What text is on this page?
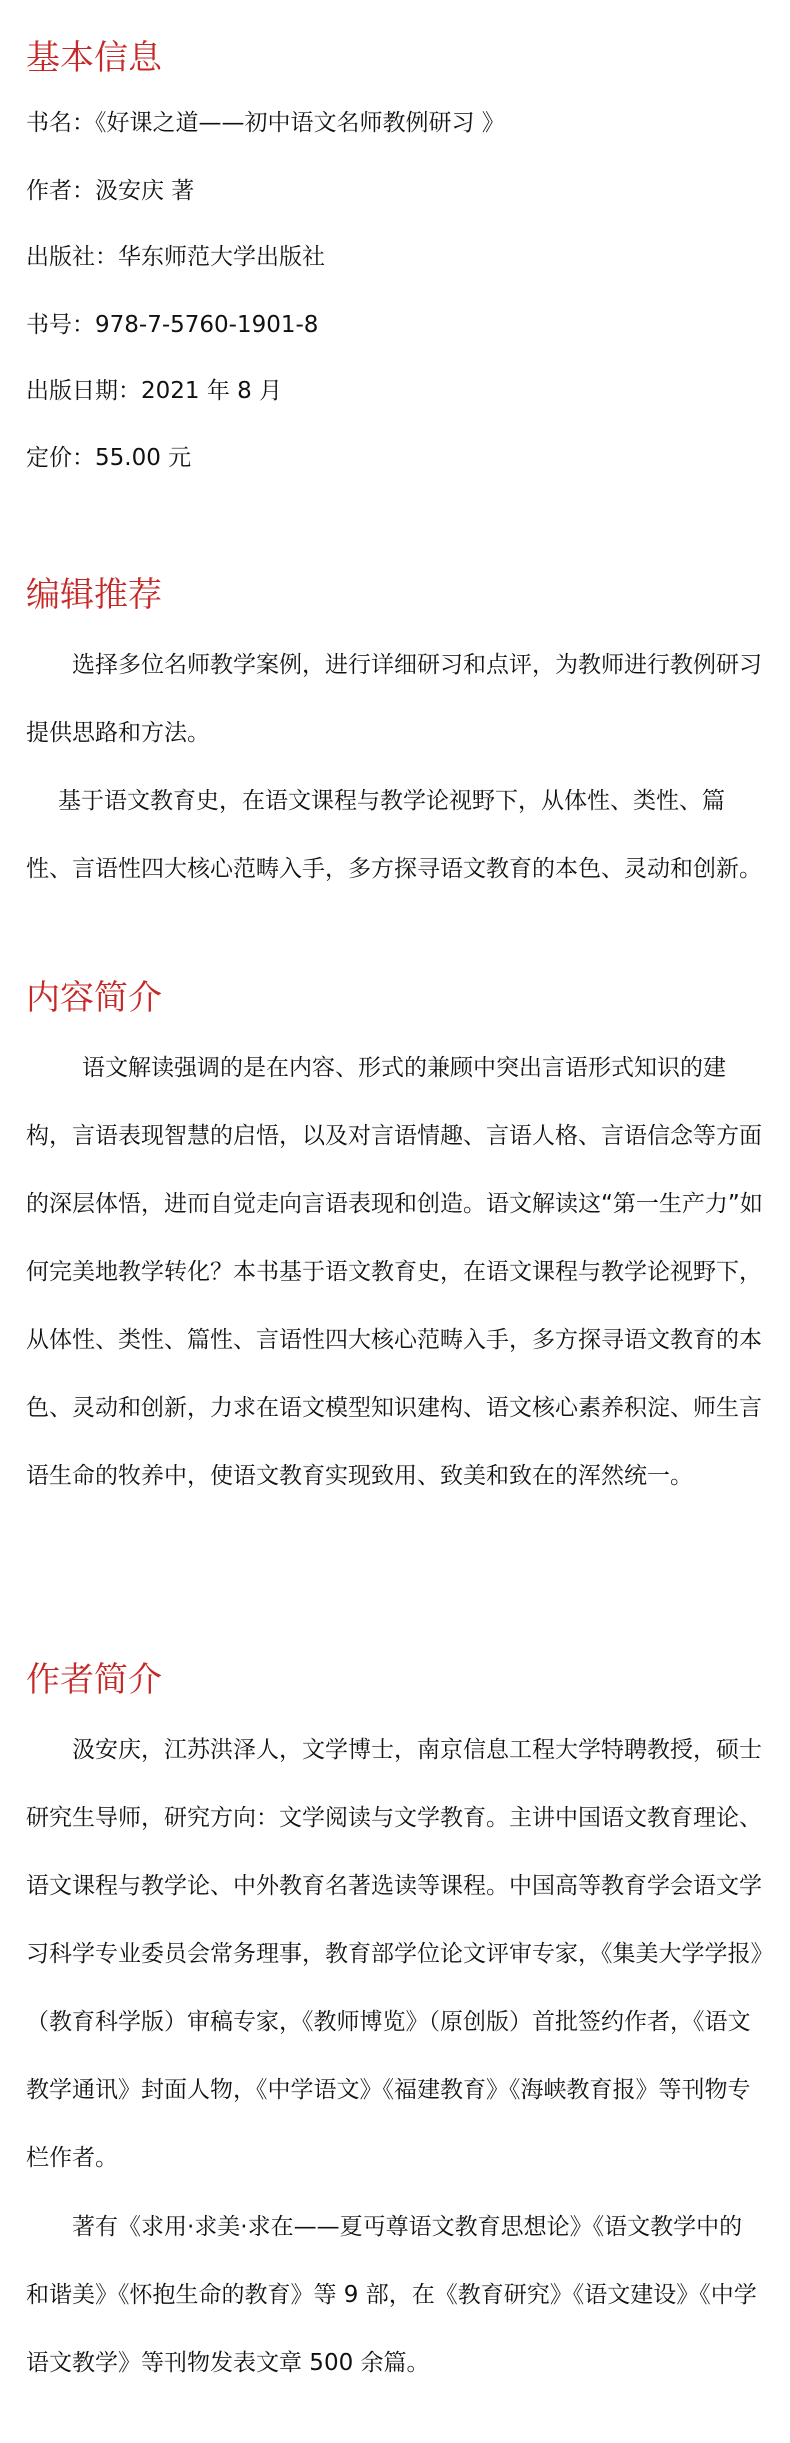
基本信息
书名：《好课之道——初中语文名师教例研习 》
作者：汲安庆 著
出版社：华东师范大学出版社
书号：978-7-5760-1901-8
出版日期：2021 年 8 月
定价：55.00 元
编辑推荐

选择多位名师教学案例，进行详细研习和点评，为教师进行教例研习提供思路和方法。

基于语文教育史，在语文课程与教学论视野下，从体性、类性、篇性、言语性四大核心范畴入手，多方探寻语文教育的本色、灵动和创新。

内容简介

语文解读强调的是在内容、形式的兼顾中突出言语形式知识的建构，言语表现智慧的启悟，以及对言语情趣、言语人格、言语信念等方面的深层体悟，进而自觉走向言语表现和创造。语文解读这“第一生产力”如何完美地教学转化？本书基于语文教育史，在语文课程与教学论视野下，从体性、类性、篇性、言语性四大核心范畴入手，多方探寻语文教育的本色、灵动和创新，力求在语文模型知识建构、语文核心素养积淀、师生言语生命的牧养中，使语文教育实现致用、致美和致在的浑然统一。

作者简介

汲安庆，江苏洪泽人，文学博士，南京信息工程大学特聘教授，硕士研究生导师，研究方向：文学阅读与文学教育。主讲中国语文教育理论、语文课程与教学论、中外教育名著选读等课程。中国高等教育学会语文学习科学专业委员会常务理事，教育部学位论文评审专家，《集美大学学报》（教育科学版）审稿专家，《教师博览》（原创版）首批签约作者，《语文教学通讯》封面人物，《中学语文》《福建教育》《海峡教育报》等刊物专栏作者。

著有《求用·求美·求在——夏丏尊语文教育思想论》《语文教学中的和谐美》《怀抱生命的教育》等 9 部，在《教育研究》《语文建设》《中学语文教学》等刊物发表文章 500 余篇。
